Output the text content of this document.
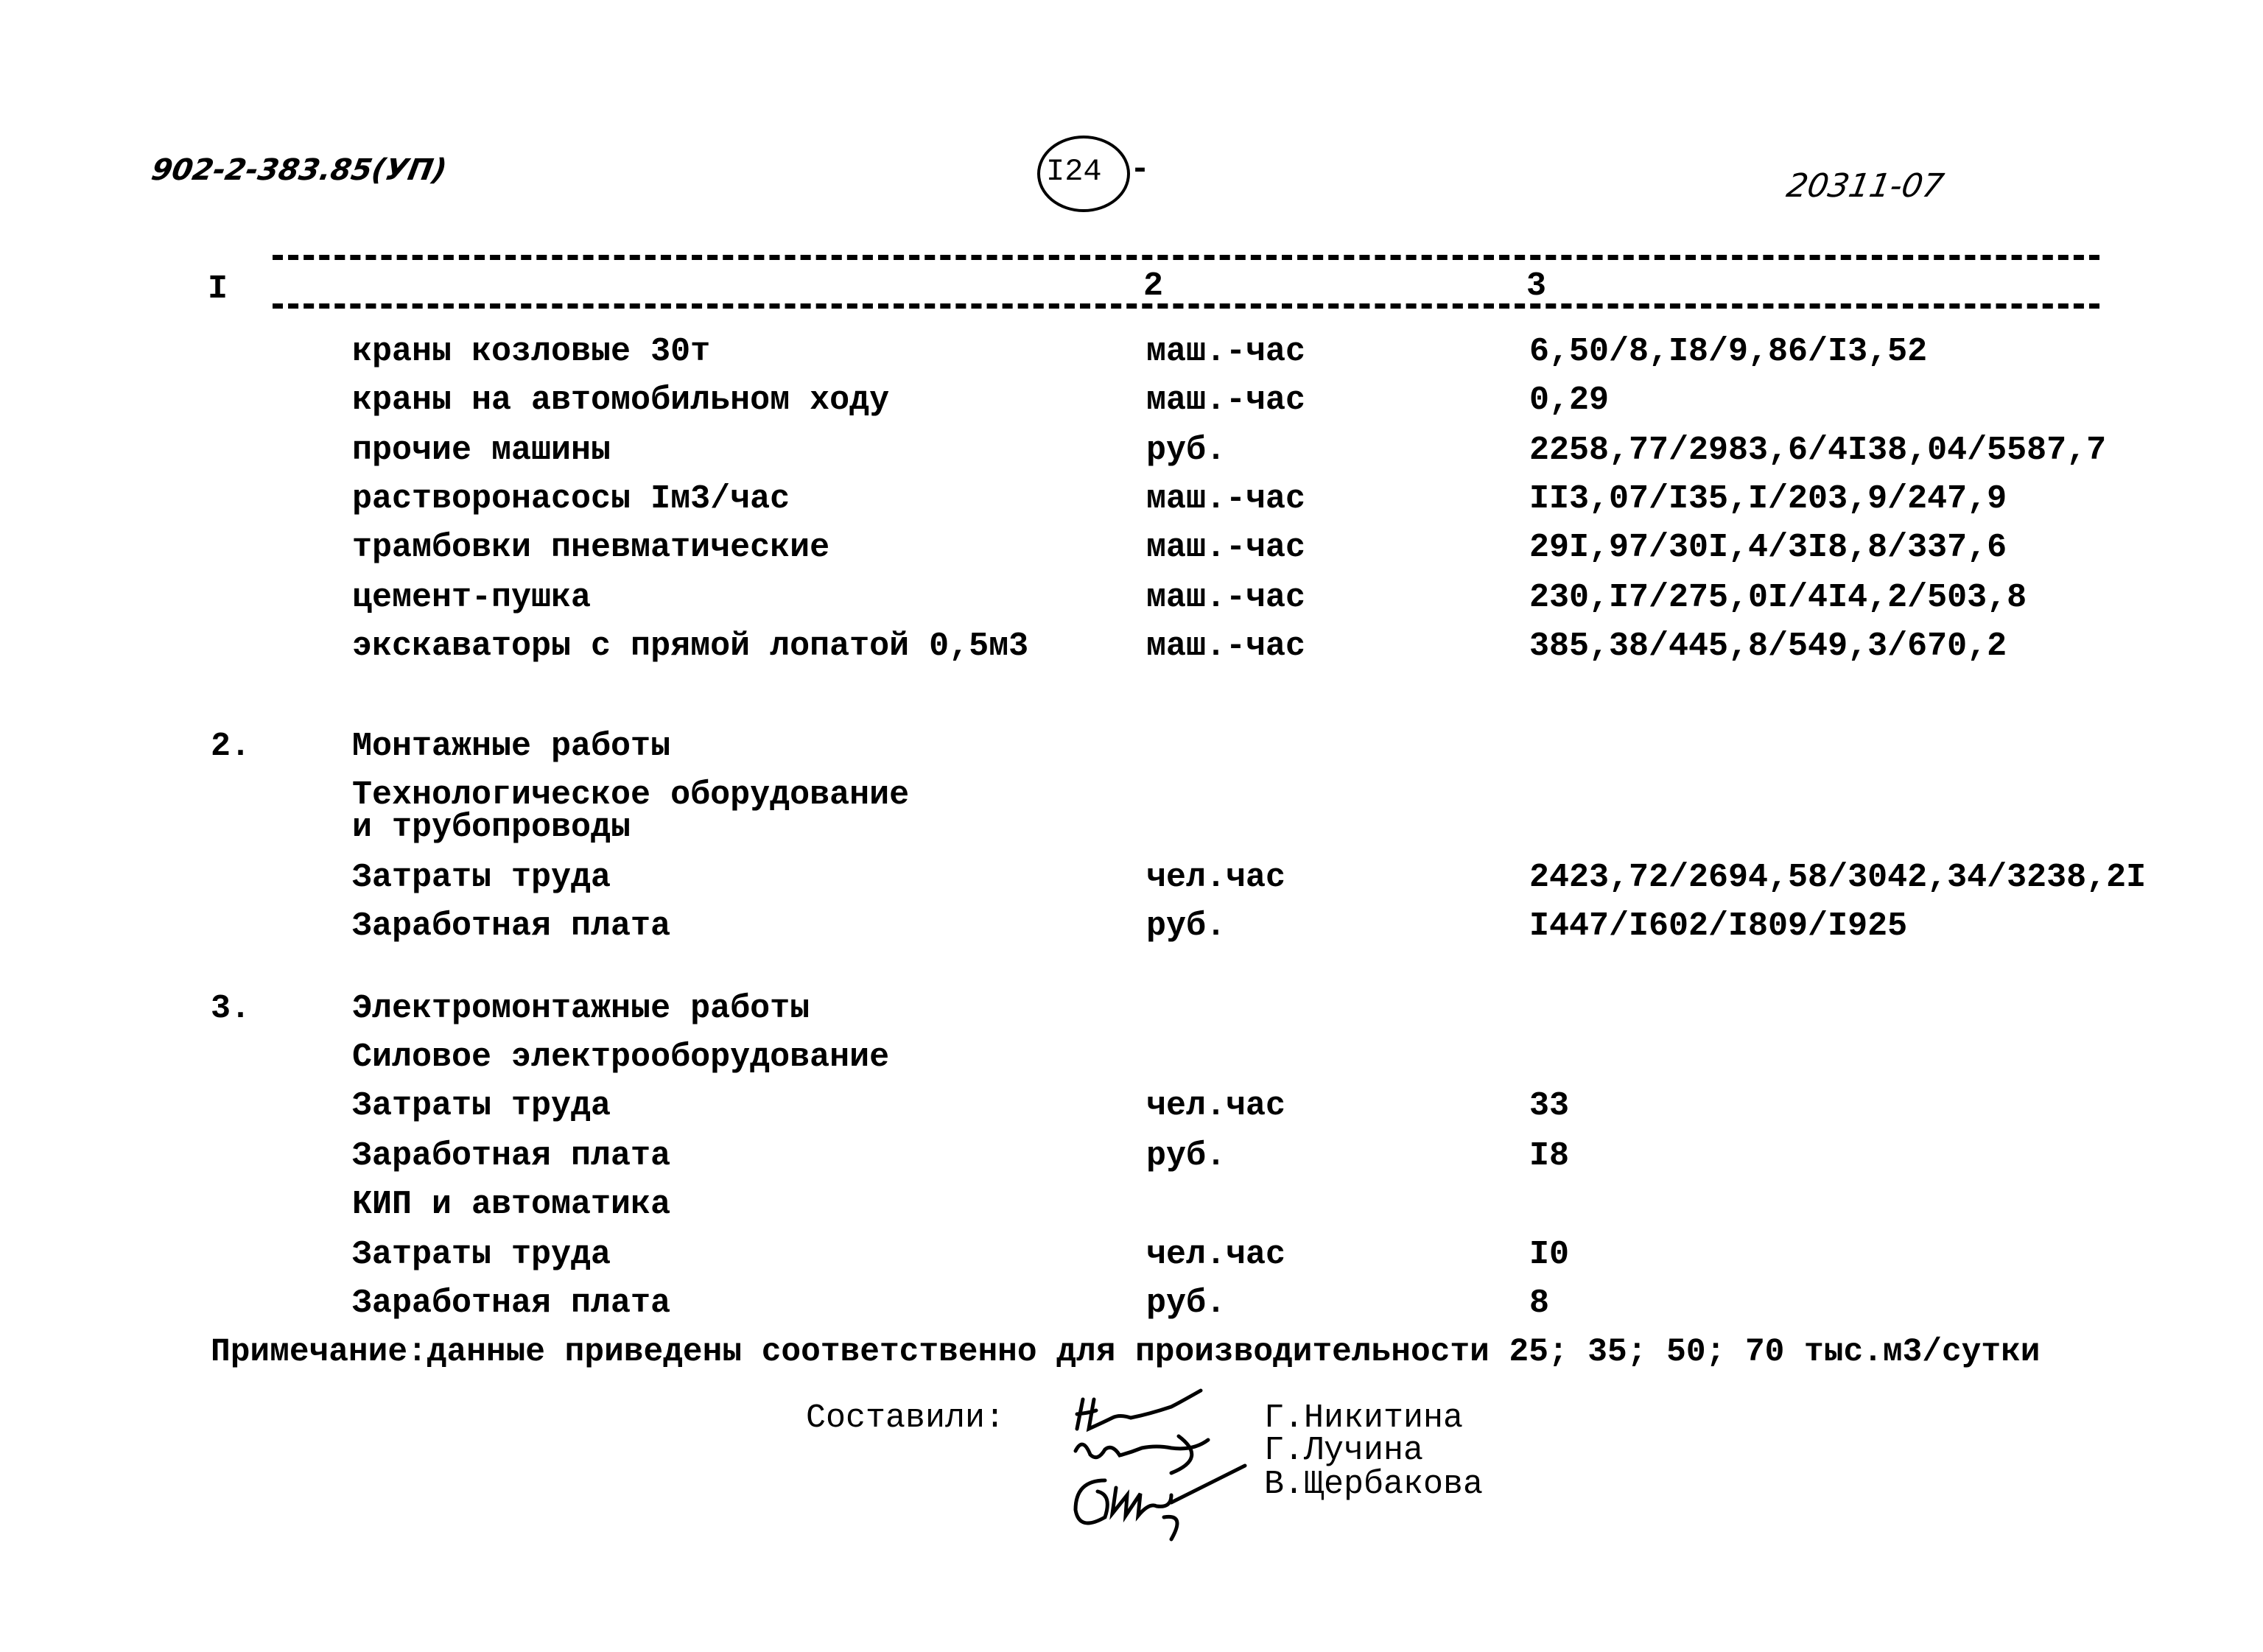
902-2-383.85(УП)	I24 -	20311-07
I	2	3
краны козловые 30т	маш.-час	6,50/8,I8/9,86/I3,52
краны на автомобильном ходу	маш.-час	0,29
прочие машины	руб.	2258,77/2983,6/4I38,04/5587,7
растворонасосы Iм3/час	маш.-час	II3,07/I35,I/203,9/247,9
трамбовки пневматические	маш.-час	29I,97/30I,4/3I8,8/337,6
цемент-пушка	маш.-час	230,I7/275,0I/4I4,2/503,8
экскаваторы с прямой лопатой 0,5м3	маш.-час	385,38/445,8/549,3/670,2
2.	Монтажные работы
Технологическое оборудование
и трубопроводы
Затраты труда	чел.час	2423,72/2694,58/3042,34/3238,2I
Заработная плата	руб.	I447/I602/I809/I925
3.	Электромонтажные работы
Силовое электрооборудование
Затраты труда	чел.час	33
Заработная плата	руб.	I8
КИП и автоматика
Затраты труда	чел.час	I0
Заработная плата	руб.	8
Примечание:данные приведены соответственно для производительности 25; 35; 50; 70 тыс.м3/сутки
Составили:	Г.Никитина
Г.Лучина
В.Щербакова
